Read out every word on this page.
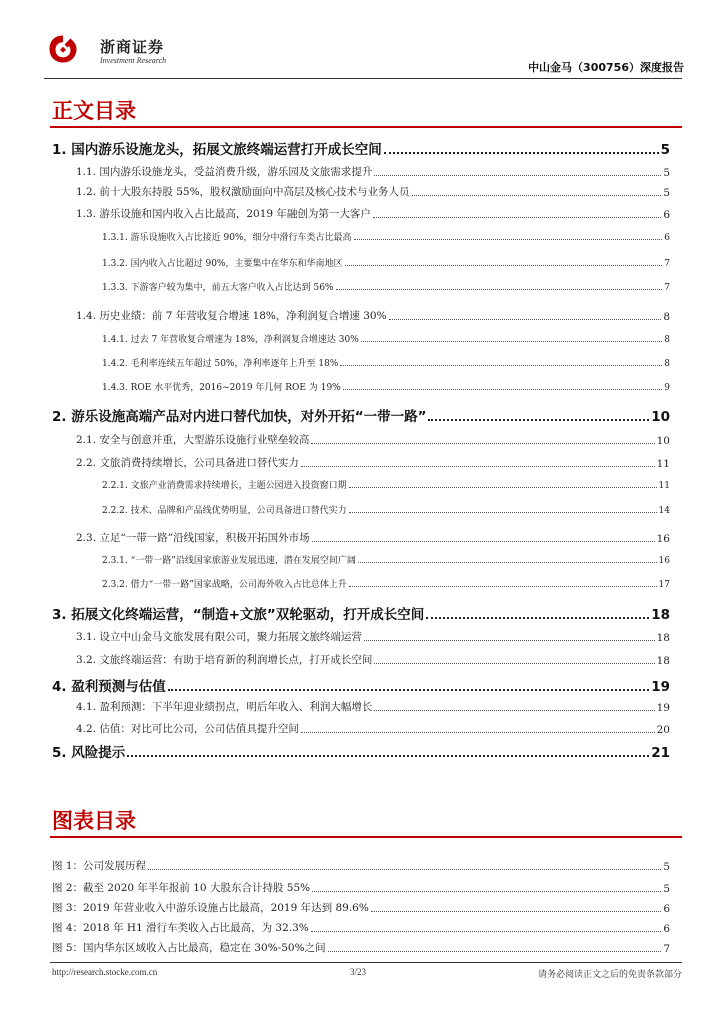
浙商证券
Investment Research
中山金马（300756）深度报告
正文目录
1. 国内游乐设施龙头，拓展文旅终端运营打开成长空间	5
1.1. 国内游乐设施龙头，受益消费升级，游乐园及文旅需求提升	5
1.2. 前十大股东持股 55%，股权激励面向中高层及核心技术与业务人员	5
1.3. 游乐设施和国内收入占比最高，2019 年融创为第一大客户	6
1.3.1. 游乐设施收入占比接近 90%，细分中滑行车类占比最高	6
1.3.2. 国内收入占比超过 90%，主要集中在华东和华南地区	7
1.3.3. 下游客户较为集中，前五大客户收入占比达到 56%	7
1.4. 历史业绩：前 7 年营收复合增速 18%，净利润复合增速 30%	8
1.4.1. 过去 7 年营收复合增速为 18%，净利润复合增速达 30%	8
1.4.2. 毛利率连续五年超过 50%，净利率逐年上升至 18%	8
1.4.3. ROE 水平优秀，2016~2019 年几何 ROE 为 19%	9
2. 游乐设施高端产品对内进口替代加快，对外开拓“一带一路”	10
2.1. 安全与创意并重，大型游乐设施行业壁垒较高	10
2.2. 文旅消费持续增长，公司具备进口替代实力	11
2.2.1. 文旅产业消费需求持续增长，主题公园进入投资窗口期	11
2.2.2. 技术、品牌和产品线优势明显，公司具备进口替代实力	14
2.3. 立足“一带一路”沿线国家，积极开拓国外市场	16
2.3.1. “一带一路”沿线国家旅游业发展迅速，潜在发展空间广阔	16
2.3.2. 借力“一带一路”国家战略，公司海外收入占比总体上升	17
3. 拓展文化终端运营，“制造+文旅”双轮驱动，打开成长空间	18
3.1. 设立中山金马文旅发展有限公司，聚力拓展文旅终端运营	18
3.2. 文旅终端运营：有助于培育新的利润增长点，打开成长空间	18
4. 盈利预测与估值	19
4.1. 盈利预测：下半年迎业绩拐点，明后年收入、利润大幅增长	19
4.2. 估值：对比可比公司，公司估值具提升空间	20
5. 风险提示	21
图表目录
图 1：公司发展历程	5
图 2：截至 2020 年半年报前 10 大股东合计持股 55%	5
图 3：2019 年营业收入中游乐设施占比最高，2019 年达到 89.6%	6
图 4：2018 年 H1 滑行车类收入占比最高，为 32.3%	6
图 5：国内华东区域收入占比最高，稳定在 30%-50%之间	7
http://research.stocke.com.cn	3/23	请务必阅读正文之后的免责条款部分
